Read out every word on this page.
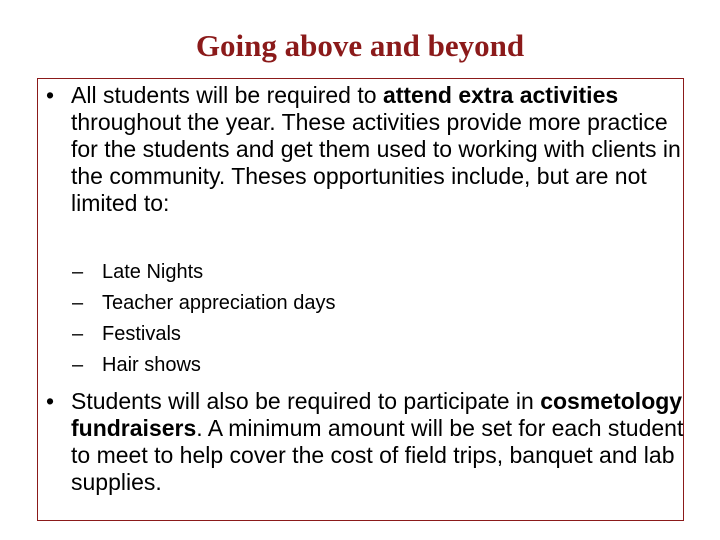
Going above and beyond
• All students will be required to attend extra activities throughout the year. These activities provide more practice for the students and get them used to working with clients in the community. Theses opportunities include, but are not limited to:
– Late Nights
– Teacher appreciation days
– Festivals
– Hair shows
• Students will also be required to participate in cosmetology fundraisers. A minimum amount will be set for each student to meet to help cover the cost of field trips, banquet and lab supplies.
